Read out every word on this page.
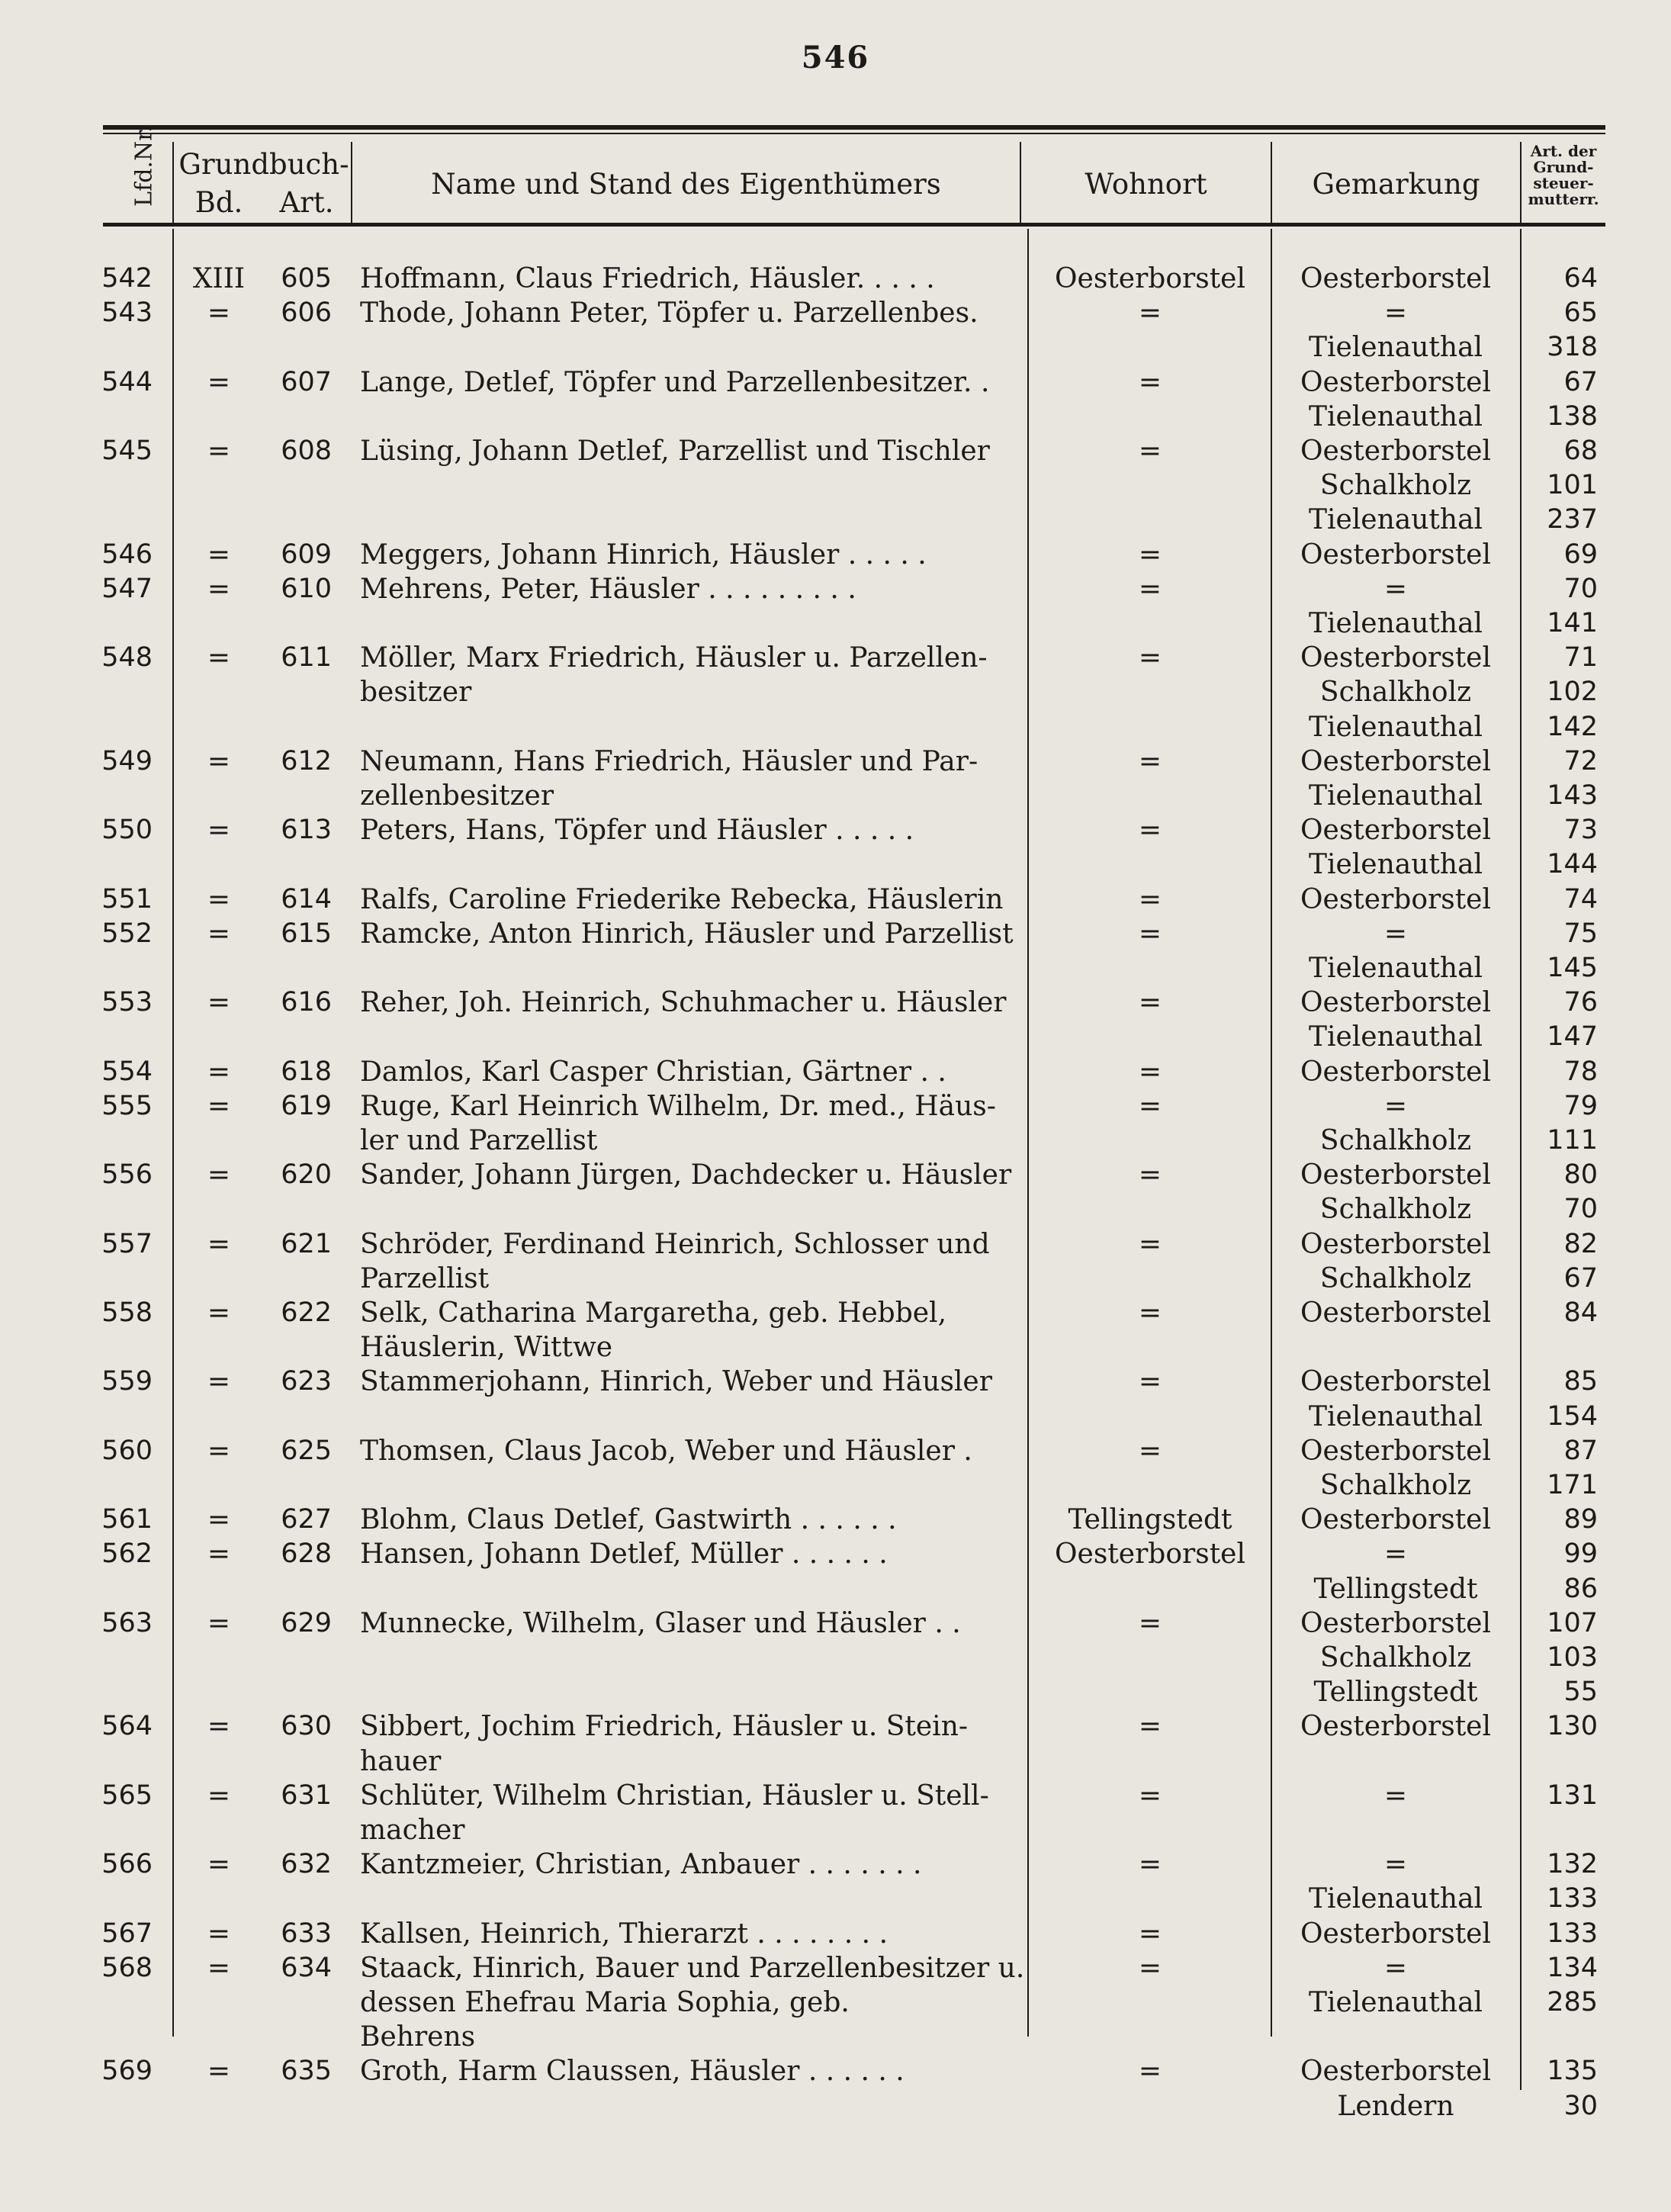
546
Lfd.Nr. Grundbuch-
Bd.	Art.
Name und Stand des Eigenthümers	Wohnort	Gemarkung
Art. der
Grund-
steuer-
mutterr.
542	XIII	605 Hoffmann, Claus Friedrich, Häusler. . . . .	Oesterborstel	Oesterborstel	64
543	=	606 Thode, Johann Peter, Töpfer u. Parzellenbes.	=	=	65
Tielenauthal	318
544	=	607 Lange, Detlef, Töpfer und Parzellenbesitzer. .	=	Oesterborstel	67
Tielenauthal	138
545	=	608 Lüsing, Johann Detlef, Parzellist und Tischler	=	Oesterborstel	68
Schalkholz	101
Tielenauthal	237
546	=	609 Meggers, Johann Hinrich, Häusler . . . . .	=	Oesterborstel	69
547	=	610 Mehrens, Peter, Häusler . . . . . . . . .	=	=	70
Tielenauthal	141
548	=	611 Möller, Marx Friedrich, Häusler u. Parzellen-
besitzer
=	Oesterborstel	71
Schalkholz	102
Tielenauthal	142
549	=	612 Neumann, Hans Friedrich, Häusler und Par-
zellenbesitzer
=	Oesterborstel	72
Tielenauthal	143
550	=	613 Peters, Hans, Töpfer und Häusler . . . . .	=	Oesterborstel	73
Tielenauthal	144
551	=	614 Ralfs, Caroline Friederike Rebecka, Häuslerin	=	Oesterborstel	74
552	=	615 Ramcke, Anton Hinrich, Häusler und Parzellist	=	=	75
Tielenauthal	145
553	=	616 Reher, Joh. Heinrich, Schuhmacher u. Häusler	=	Oesterborstel	76
Tielenauthal	147
554	=	618 Damlos, Karl Casper Christian, Gärtner . .	=	Oesterborstel	78
555	=	619 Ruge, Karl Heinrich Wilhelm, Dr. med., Häus-
ler und Parzellist
=	=	79
Schalkholz	111
556	=	620 Sander, Johann Jürgen, Dachdecker u. Häusler	=	Oesterborstel	80
Schalkholz	70
557	=	621 Schröder, Ferdinand Heinrich, Schlosser und
Parzellist
=	Oesterborstel	82
Schalkholz	67
558	=	622 Selk, Catharina Margaretha, geb. Hebbel,
Häuslerin, Wittwe
=	Oesterborstel	84
559	=	623 Stammerjohann, Hinrich, Weber und Häusler	=	Oesterborstel	85
Tielenauthal	154
560	=	625 Thomsen, Claus Jacob, Weber und Häusler .	=	Oesterborstel	87
Schalkholz	171
561	=	627 Blohm, Claus Detlef, Gastwirth . . . . . .	Tellingstedt	Oesterborstel	89
562	=	628 Hansen, Johann Detlef, Müller . . . . . .	Oesterborstel	=	99
Tellingstedt	86
563	=	629 Munnecke, Wilhelm, Glaser und Häusler . .	=	Oesterborstel	107
Schalkholz	103
Tellingstedt	55
564	=	630 Sibbert, Jochim Friedrich, Häusler u. Stein-
hauer
=	Oesterborstel	130
565	=	631 Schlüter, Wilhelm Christian, Häusler u. Stell-
macher
=	=	131
566	=	632 Kantzmeier, Christian, Anbauer . . . . . . .	=	=	132
Tielenauthal	133
567	=	633 Kallsen, Heinrich, Thierarzt . . . . . . . .	=	Oesterborstel	133
568	=	634 Staack, Hinrich, Bauer und Parzellenbesitzer u.
dessen Ehefrau Maria Sophia, geb.
Behrens
=	=	134
Tielenauthal	285
569	=	635 Groth, Harm Claussen, Häusler . . . . . .	=	Oesterborstel	135
Lendern	30
